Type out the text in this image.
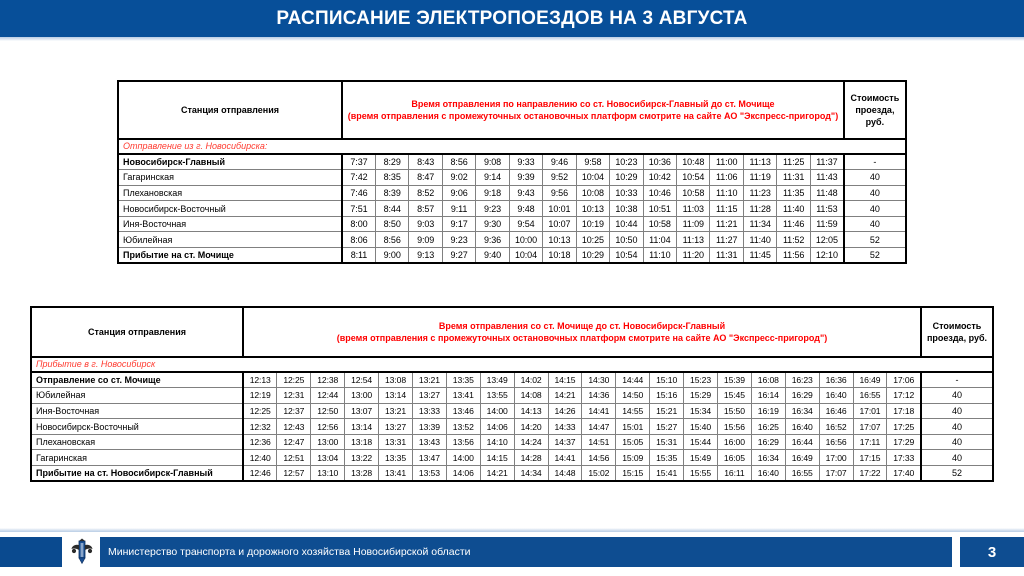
РАСПИСАНИЕ ЭЛЕКТРОПОЕЗДОВ НА 3 АВГУСТА
Станция отправления	Время отправления по направлению со ст. Новосибирск-Главный до ст. Мочище
(время отправления с промежуточных остановочных платформ смотрите на сайте АО "Экспресс-пригород")															Стоимость
проезда, руб.
Отправление из г. Новосибирска:																
Новосибирск-Главный	7:37	8:29	8:43	8:56	9:08	9:33	9:46	9:58	10:23	10:36	10:48	11:00	11:13	11:25	11:37	-
Гагаринская	7:42	8:35	8:47	9:02	9:14	9:39	9:52	10:04	10:29	10:42	10:54	11:06	11:19	11:31	11:43	40
Плехановская	7:46	8:39	8:52	9:06	9:18	9:43	9:56	10:08	10:33	10:46	10:58	11:10	11:23	11:35	11:48	40
Новосибирск-Восточный	7:51	8:44	8:57	9:11	9:23	9:48	10:01	10:13	10:38	10:51	11:03	11:15	11:28	11:40	11:53	40
Иня-Восточная	8:00	8:50	9:03	9:17	9:30	9:54	10:07	10:19	10:44	10:58	11:09	11:21	11:34	11:46	11:59	40
Юбилейная	8:06	8:56	9:09	9:23	9:36	10:00	10:13	10:25	10:50	11:04	11:13	11:27	11:40	11:52	12:05	52
Прибытие на ст. Мочище	8:11	9:00	9:13	9:27	9:40	10:04	10:18	10:29	10:54	11:10	11:20	11:31	11:45	11:56	12:10	52
Станция отправления	Время отправления со ст. Мочище до ст. Новосибирск-Главный
(время отправления с промежуточных остановочных платформ смотрите на сайте АО "Экспресс-пригород")																				Стоимость
проезда, руб.
Прибытие в г. Новосибирск																					
Отправление со ст. Мочище	12:13	12:25	12:38	12:54	13:08	13:21	13:35	13:49	14:02	14:15	14:30	14:44	15:10	15:23	15:39	16:08	16:23	16:36	16:49	17:06	-
Юбилейная	12:19	12:31	12:44	13:00	13:14	13:27	13:41	13:55	14:08	14:21	14:36	14:50	15:16	15:29	15:45	16:14	16:29	16:40	16:55	17:12	40
Иня-Восточная	12:25	12:37	12:50	13:07	13:21	13:33	13:46	14:00	14:13	14:26	14:41	14:55	15:21	15:34	15:50	16:19	16:34	16:46	17:01	17:18	40
Новосибирск-Восточный	12:32	12:43	12:56	13:14	13:27	13:39	13:52	14:06	14:20	14:33	14:47	15:01	15:27	15:40	15:56	16:25	16:40	16:52	17:07	17:25	40
Плехановская	12:36	12:47	13:00	13:18	13:31	13:43	13:56	14:10	14:24	14:37	14:51	15:05	15:31	15:44	16:00	16:29	16:44	16:56	17:11	17:29	40
Гагаринская	12:40	12:51	13:04	13:22	13:35	13:47	14:00	14:15	14:28	14:41	14:56	15:09	15:35	15:49	16:05	16:34	16:49	17:00	17:15	17:33	40
Прибытие на ст. Новосибирск-Главный	12:46	12:57	13:10	13:28	13:41	13:53	14:06	14:21	14:34	14:48	15:02	15:15	15:41	15:55	16:11	16:40	16:55	17:07	17:22	17:40	52
Министерство транспорта и дорожного хозяйства Новосибирской области	3
